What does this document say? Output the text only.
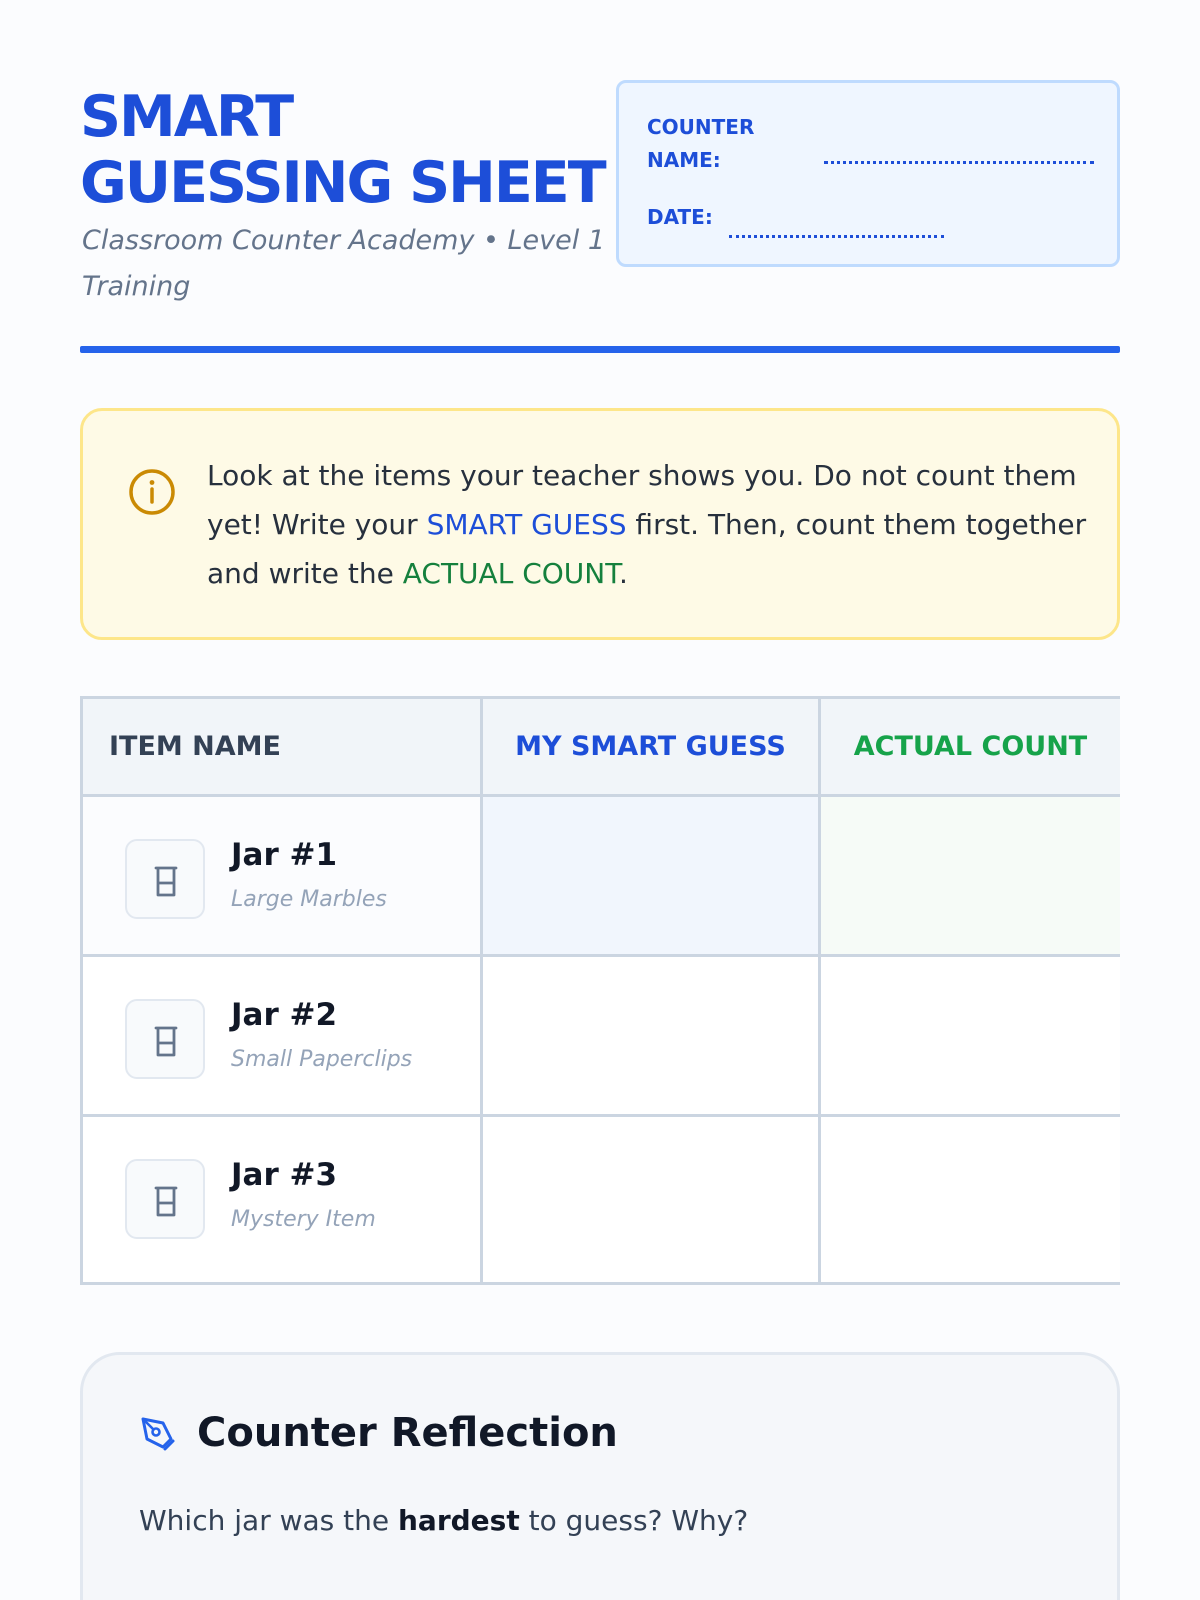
SMART
GUESSING SHEET
Classroom Counter Academy • Level 1 Training
COUNTER NAME:
DATE:

Look at the items your teacher shows you. Do not count them yet! Write your SMART GUESS first. Then, count them together and write the ACTUAL COUNT.

ITEM NAME	MY SMART GUESS	ACTUAL COUNT
Jar #1
Large Marbles
Jar #2
Small Paperclips
Jar #3
Mystery Item
Counter Reflection

Which jar was the hardest to guess? Why?
